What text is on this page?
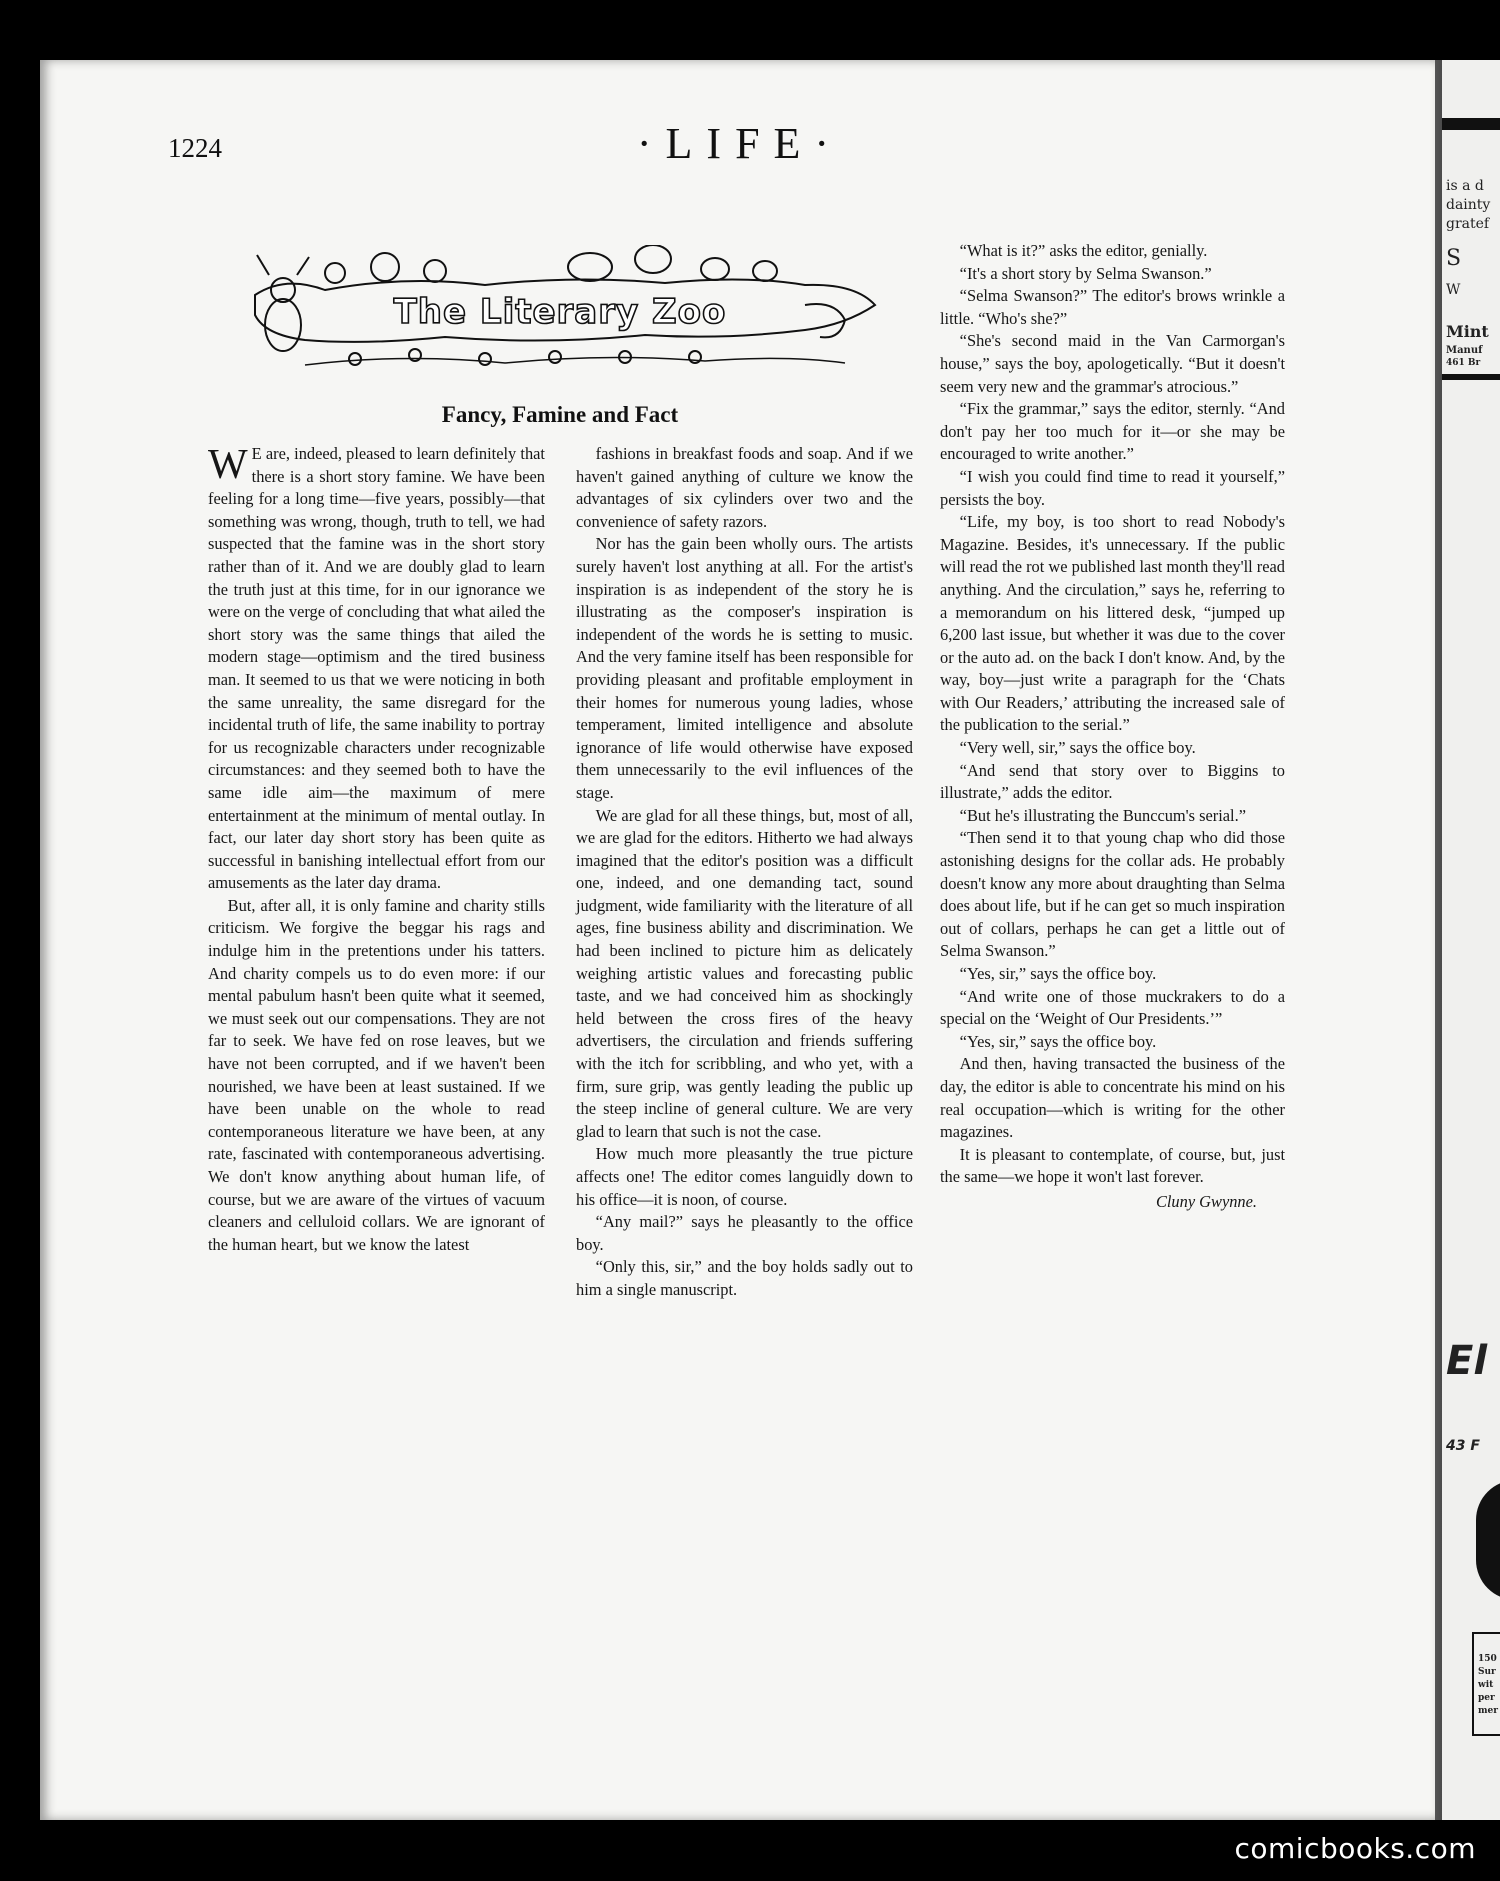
is a d
dainty
gratef
S
W
Mint
Manuf
461 Br
El
43 F
150
Sur
wit
per
mer
1224	·LIFE·
The Literary Zoo
Fancy, Famine and Fact

W E are, indeed, pleased to learn definitely that there is a short story famine. We have been feeling for a long time—five years, possibly—that something was wrong, though, truth to tell, we had suspected that the famine was in the short story rather than of it. And we are doubly glad to learn the truth just at this time, for in our ignorance we were on the verge of concluding that what ailed the short story was the same things that ailed the modern stage—optimism and the tired business man. It seemed to us that we were noticing in both the same unreality, the same disregard for the incidental truth of life, the same inability to portray for us recognizable characters under recognizable circumstances: and they seemed both to have the same idle aim—the maximum of mere entertainment at the minimum of mental outlay. In fact, our later day short story has been quite as successful in banishing intellectual effort from our amusements as the later day drama.

But, after all, it is only famine and charity stills criticism. We forgive the beggar his rags and indulge him in the pretentions under his tatters. And charity compels us to do even more: if our mental pabulum hasn't been quite what it seemed, we must seek out our compensations. They are not far to seek. We have fed on rose leaves, but we have not been corrupted, and if we haven't been nourished, we have been at least sustained. If we have been unable on the whole to read contemporaneous literature we have been, at any rate, fascinated with contemporaneous advertising. We don't know anything about human life, of course, but we are aware of the virtues of vacuum cleaners and celluloid collars. We are ignorant of the human heart, but we know the latest

fashions in breakfast foods and soap. And if we haven't gained anything of culture we know the advantages of six cylinders over two and the convenience of safety razors.

Nor has the gain been wholly ours. The artists surely haven't lost anything at all. For the artist's inspiration is as independent of the story he is illustrating as the composer's inspiration is independent of the words he is setting to music. And the very famine itself has been responsible for providing pleasant and profitable employment in their homes for numerous young ladies, whose temperament, limited intelligence and absolute ignorance of life would otherwise have exposed them unnecessarily to the evil influences of the stage.

We are glad for all these things, but, most of all, we are glad for the editors. Hitherto we had always imagined that the editor's position was a difficult one, indeed, and one demanding tact, sound judgment, wide familiarity with the literature of all ages, fine business ability and discrimination. We had been inclined to picture him as delicately weighing artistic values and forecasting public taste, and we had conceived him as shockingly held between the cross fires of the heavy advertisers, the circulation and friends suffering with the itch for scribbling, and who yet, with a firm, sure grip, was gently leading the public up the steep incline of general culture. We are very glad to learn that such is not the case.

How much more pleasantly the true picture affects one! The editor comes languidly down to his office—it is noon, of course.

“Any mail?” says he pleasantly to the office boy.

“Only this, sir,” and the boy holds sadly out to him a single manuscript.

“What is it?” asks the editor, genially.

“It's a short story by Selma Swanson.”

“Selma Swanson?” The editor's brows wrinkle a little. “Who's she?”

“She's second maid in the Van Carmorgan's house,” says the boy, apologetically. “But it doesn't seem very new and the grammar's atrocious.”

“Fix the grammar,” says the editor, sternly. “And don't pay her too much for it—or she may be encouraged to write another.”

“I wish you could find time to read it yourself,” persists the boy.

“Life, my boy, is too short to read Nobody's Magazine. Besides, it's unnecessary. If the public will read the rot we published last month they'll read anything. And the circulation,” says he, referring to a memorandum on his littered desk, “jumped up 6,200 last issue, but whether it was due to the cover or the auto ad. on the back I don't know. And, by the way, boy—just write a paragraph for the ‘Chats with Our Readers,’ attributing the increased sale of the publication to the serial.”

“Very well, sir,” says the office boy.

“And send that story over to Biggins to illustrate,” adds the editor.

“But he's illustrating the Bunccum's serial.”

“Then send it to that young chap who did those astonishing designs for the collar ads. He probably doesn't know any more about draughting than Selma does about life, but if he can get so much inspiration out of collars, perhaps he can get a little out of Selma Swanson.”

“Yes, sir,” says the office boy.

“And write one of those muckrakers to do a special on the ‘Weight of Our Presidents.’”

“Yes, sir,” says the office boy.

And then, having transacted the business of the day, the editor is able to concentrate his mind on his real occupation—which is writing for the other magazines.

It is pleasant to contemplate, of course, but, just the same—we hope it won't last forever.

Cluny Gwynne.
comicbooks.com
